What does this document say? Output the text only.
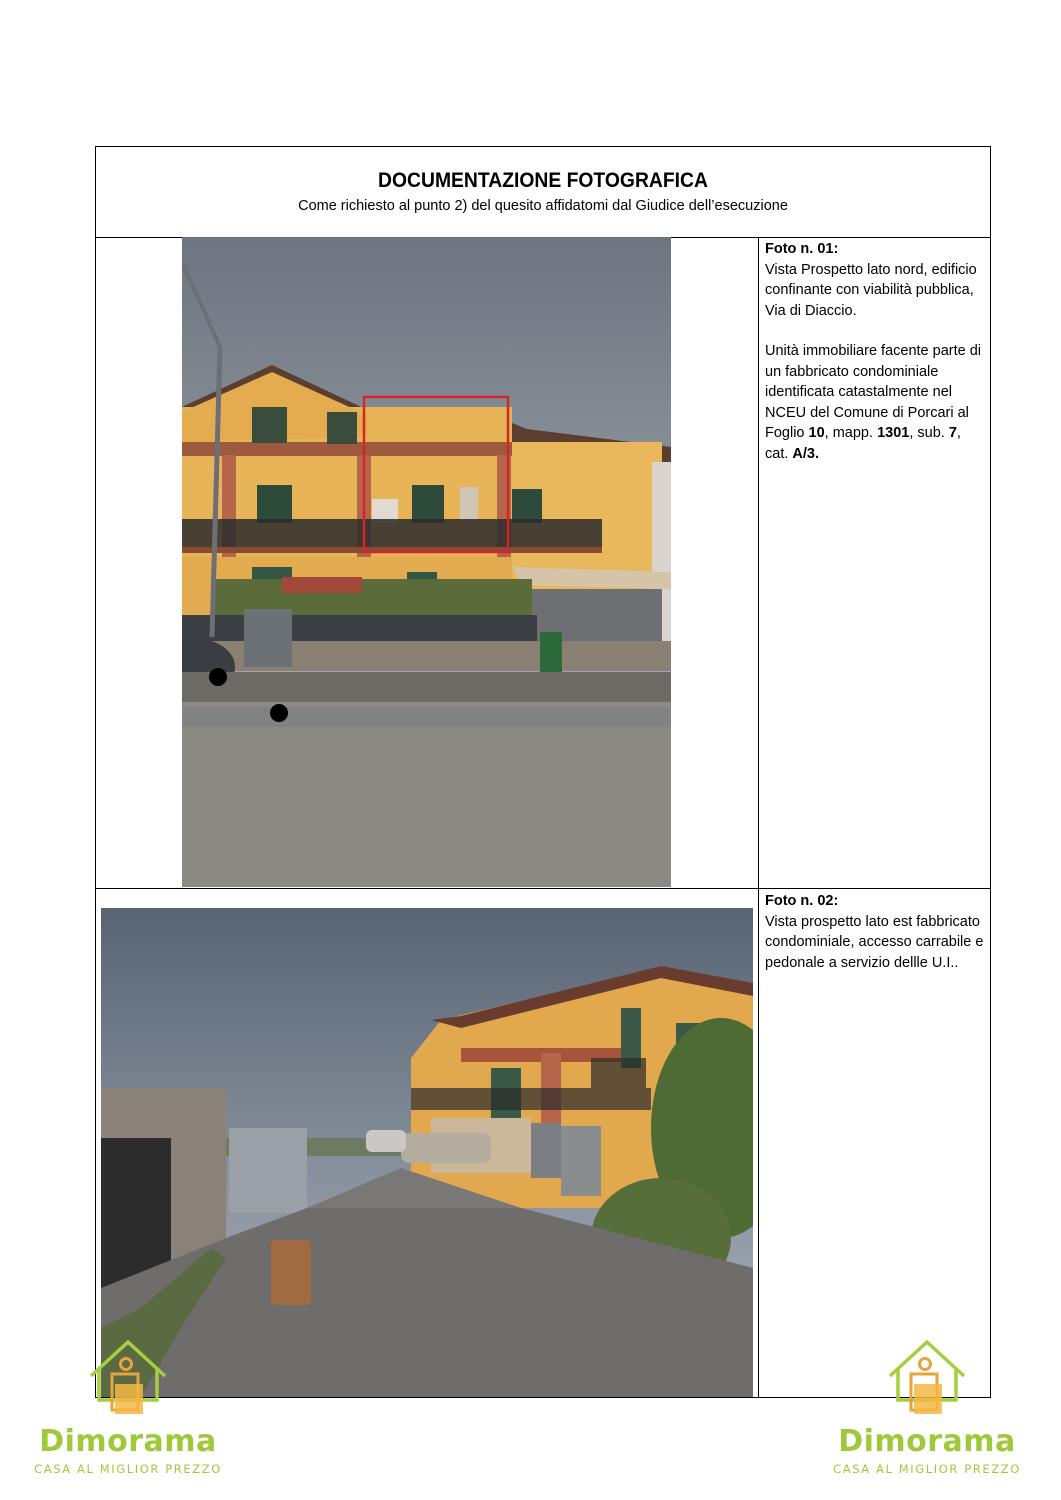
DOCUMENTAZIONE FOTOGRAFICA
Come richiesto al punto 2) del quesito affidatomi dal Giudice dell’esecuzione
Foto n. 01:

Vista Prospetto lato nord, edificio confinante con viabilità pubblica, Via di Diaccio.

Unità immobiliare facente parte di un fabbricato condominiale identificata catastalmente nel NCEU del Comune di Porcari al Foglio 10, mapp. 1301, sub. 7, cat. A/3.

Foto n. 02:

Vista prospetto lato est fabbricato condominiale, accesso carrabile e pedonale a servizio dellle U.I..

Dimorama
CASA AL MIGLIOR PREZZO
Dimorama
CASA AL MIGLIOR PREZZO
